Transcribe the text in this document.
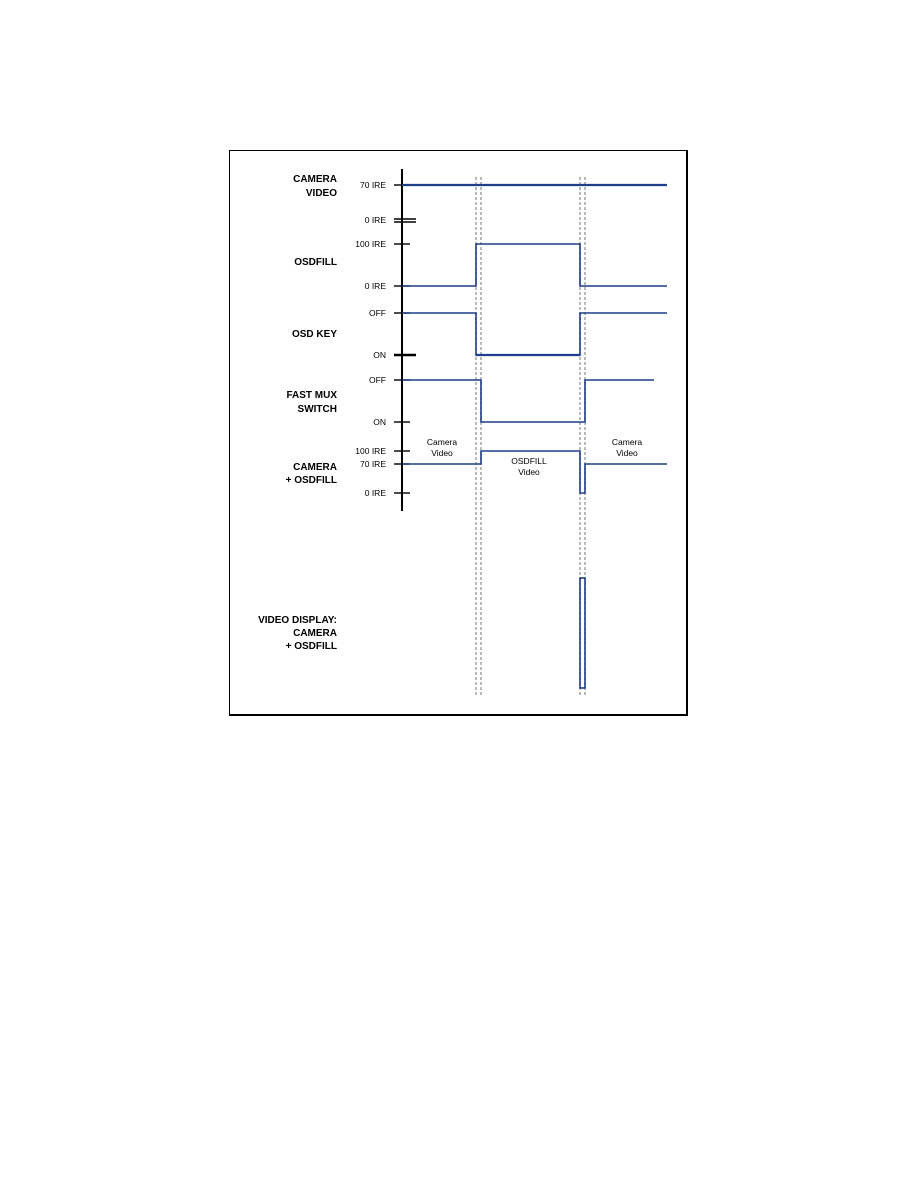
CAMERA
VIDEO
OSDFILL
OSD KEY
FAST MUX
SWITCH
CAMERA
+ OSDFILL
VIDEO DISPLAY:
CAMERA
+ OSDFILL
70 IRE
0 IRE
100 IRE
0 IRE
OFF
ON
OFF
ON
100 IRE
70 IRE
0 IRE
Camera
Video
OSDFILL
Video
Camera
Video
